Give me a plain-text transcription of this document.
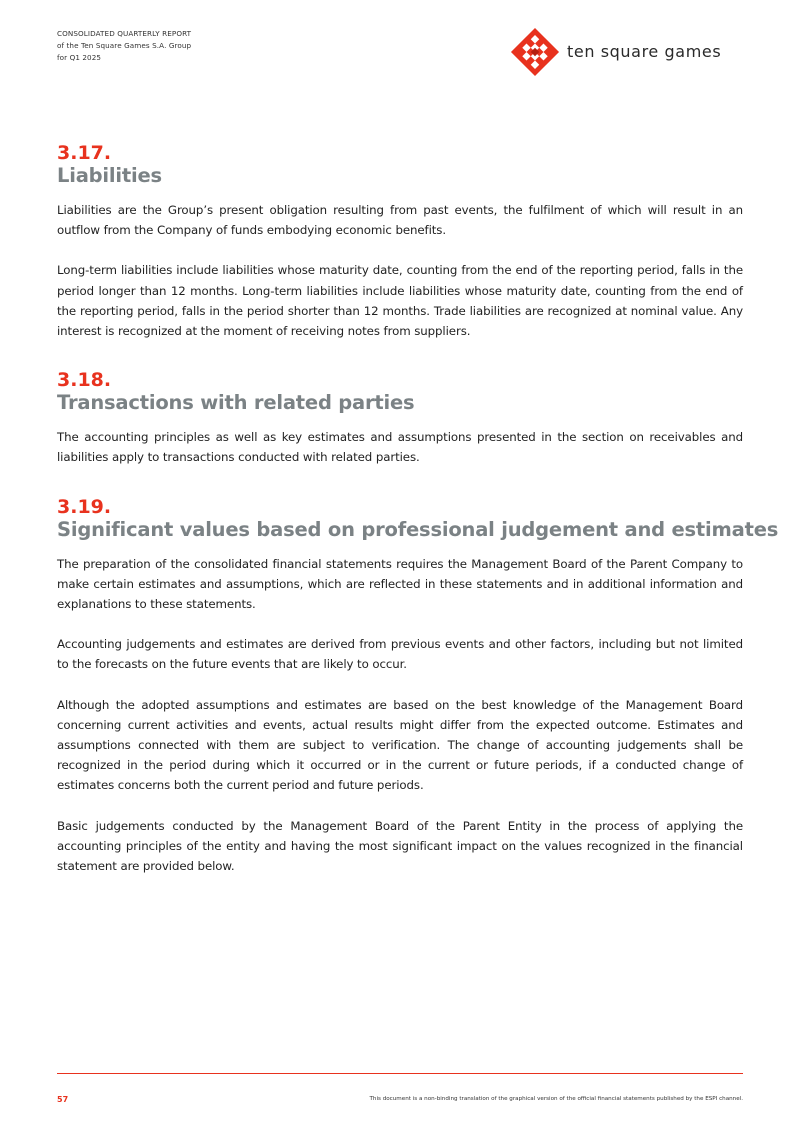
CONSOLIDATED QUARTERLY REPORT
of the Ten Square Games S.A. Group
for Q1 2025	ten square games
3.17.
Liabilities

Liabilities are the Group’s present obligation resulting from past events, the fulfilment of which will result in an outflow from the Company of funds embodying economic benefits.

Long-term liabilities include liabilities whose maturity date, counting from the end of the reporting period, falls in the period longer than 12 months. Long-term liabilities include liabilities whose maturity date, counting from the end of the reporting period, falls in the period shorter than 12 months. Trade liabilities are recognized at nominal value. Any interest is recognized at the moment of receiving notes from suppliers.

3.18.
Transactions with related parties

The accounting principles as well as key estimates and assumptions presented in the section on receivables and liabilities apply to transactions conducted with related parties.

3.19.
Significant values based on professional judgement and estimates

The preparation of the consolidated financial statements requires the Management Board of the Parent Company to make certain estimates and assumptions, which are reflected in these statements and in additional information and explanations to these statements.

Accounting judgements and estimates are derived from previous events and other factors, including but not limited to the forecasts on the future events that are likely to occur.

Although the adopted assumptions and estimates are based on the best knowledge of the Management Board concerning current activities and events, actual results might differ from the expected outcome. Estimates and assumptions connected with them are subject to verification. The change of accounting judgements shall be recognized in the period during which it occurred or in the current or future periods, if a conducted change of estimates concerns both the current period and future periods.

Basic judgements conducted by the Management Board of the Parent Entity in the process of applying the accounting principles of the entity and having the most significant impact on the values recognized in the financial statement are provided below.

57	This document is a non-binding translation of the graphical version of the official financial statements published by the ESPI channel.
